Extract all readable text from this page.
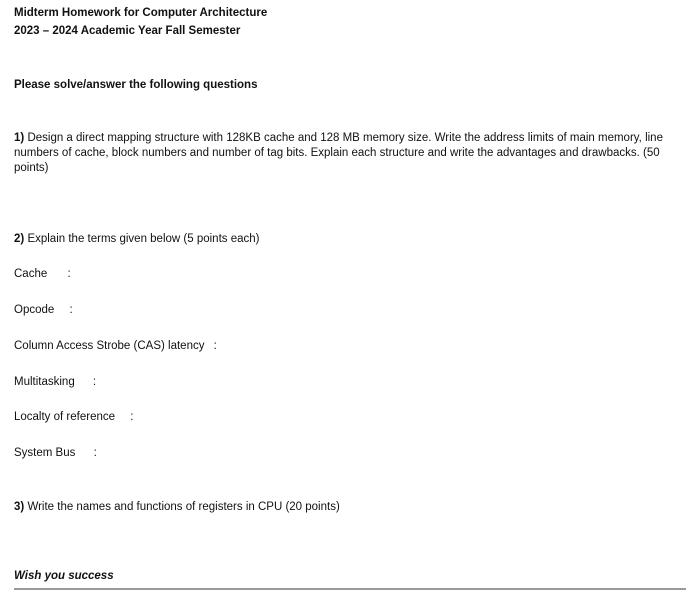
Midterm Homework for Computer Architecture
2023 – 2024 Academic Year Fall Semester
Please solve/answer the following questions
1) Design a direct mapping structure with 128KB cache and 128 MB memory size. Write the address limits of main memory, line numbers of cache, block numbers and number of tag bits. Explain each structure and write the advantages and drawbacks. (50 points)
2) Explain the terms given below (5 points each)
Cache :
Opcode :
Column Access Strobe (CAS) latency :
Multitasking :
Localty of reference :
System Bus :
3) Write the names and functions of registers in CPU (20 points)
Wish you success
